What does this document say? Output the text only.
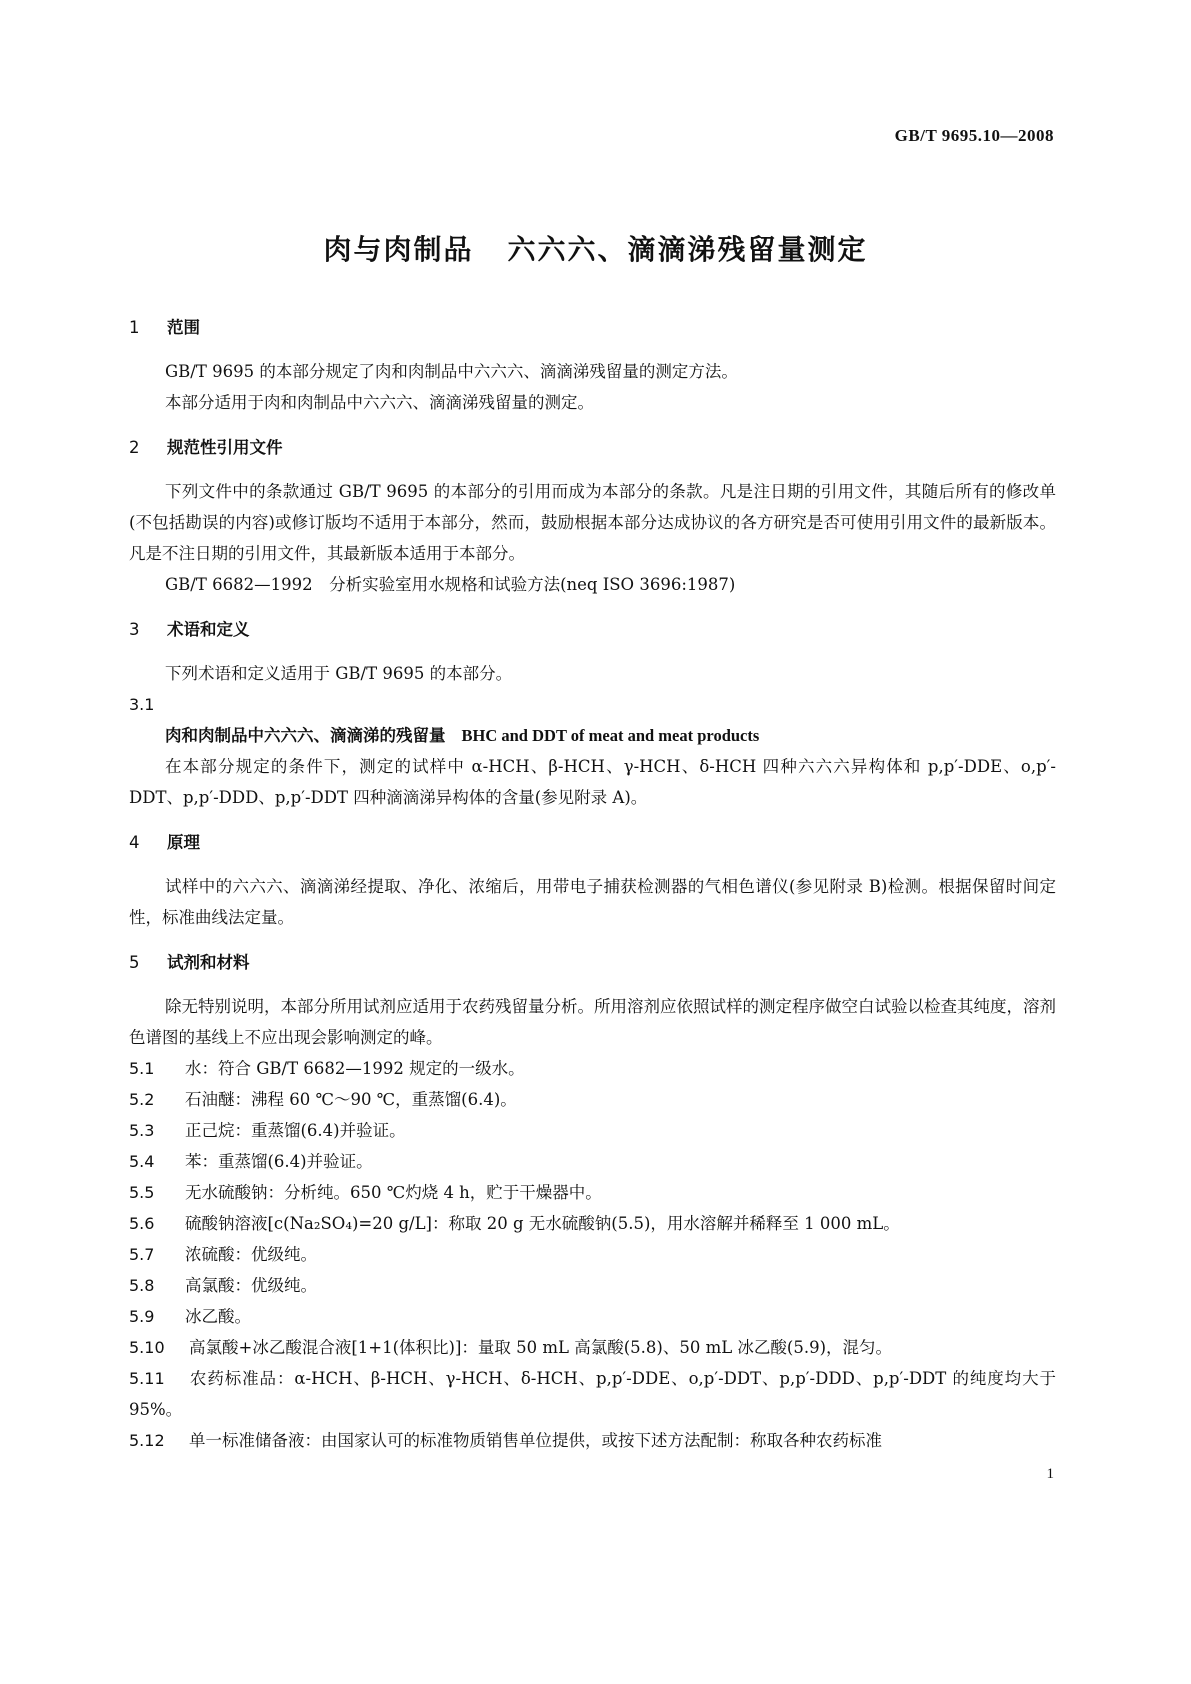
GB/T 9695.10—2008
肉与肉制品 六六六、滴滴涕残留量测定
1 范围

GB/T 9695 的本部分规定了肉和肉制品中六六六、滴滴涕残留量的测定方法。

本部分适用于肉和肉制品中六六六、滴滴涕残留量的测定。

2 规范性引用文件

下列文件中的条款通过 GB/T 9695 的本部分的引用而成为本部分的条款。凡是注日期的引用文件，其随后所有的修改单(不包括勘误的内容)或修订版均不适用于本部分，然而，鼓励根据本部分达成协议的各方研究是否可使用引用文件的最新版本。凡是不注日期的引用文件，其最新版本适用于本部分。

GB/T 6682—1992　分析实验室用水规格和试验方法(neq ISO 3696:1987)

3 术语和定义

下列术语和定义适用于 GB/T 9695 的本部分。

3.1

肉和肉制品中六六六、滴滴涕的残留量 BHC and DDT of meat and meat products

在本部分规定的条件下，测定的试样中 α-HCH、β-HCH、γ-HCH、δ-HCH 四种六六六异构体和 p,p′-DDE、o,p′-DDT、p,p′-DDD、p,p′-DDT 四种滴滴涕异构体的含量(参见附录 A)。

4 原理

试样中的六六六、滴滴涕经提取、净化、浓缩后，用带电子捕获检测器的气相色谱仪(参见附录 B)检测。根据保留时间定性，标准曲线法定量。

5 试剂和材料

除无特别说明，本部分所用试剂应适用于农药残留量分析。所用溶剂应依照试样的测定程序做空白试验以检查其纯度，溶剂色谱图的基线上不应出现会影响测定的峰。

5.1 水：符合 GB/T 6682—1992 规定的一级水。

5.2 石油醚：沸程 60 ℃～90 ℃，重蒸馏(6.4)。

5.3 正己烷：重蒸馏(6.4)并验证。

5.4 苯：重蒸馏(6.4)并验证。

5.5 无水硫酸钠：分析纯。650 ℃灼烧 4 h，贮于干燥器中。

5.6 硫酸钠溶液[c(Na₂SO₄)=20 g/L]：称取 20 g 无水硫酸钠(5.5)，用水溶解并稀释至 1 000 mL。

5.7 浓硫酸：优级纯。

5.8 高氯酸：优级纯。

5.9 冰乙酸。

5.10 高氯酸+冰乙酸混合液[1+1(体积比)]：量取 50 mL 高氯酸(5.8)、50 mL 冰乙酸(5.9)，混匀。

5.11 农药标准品：α-HCH、β-HCH、γ-HCH、δ-HCH、p,p′-DDE、o,p′-DDT、p,p′-DDD、p,p′-DDT 的纯度均大于 95%。

5.12 单一标准储备液：由国家认可的标准物质销售单位提供，或按下述方法配制：称取各种农药标准

1
